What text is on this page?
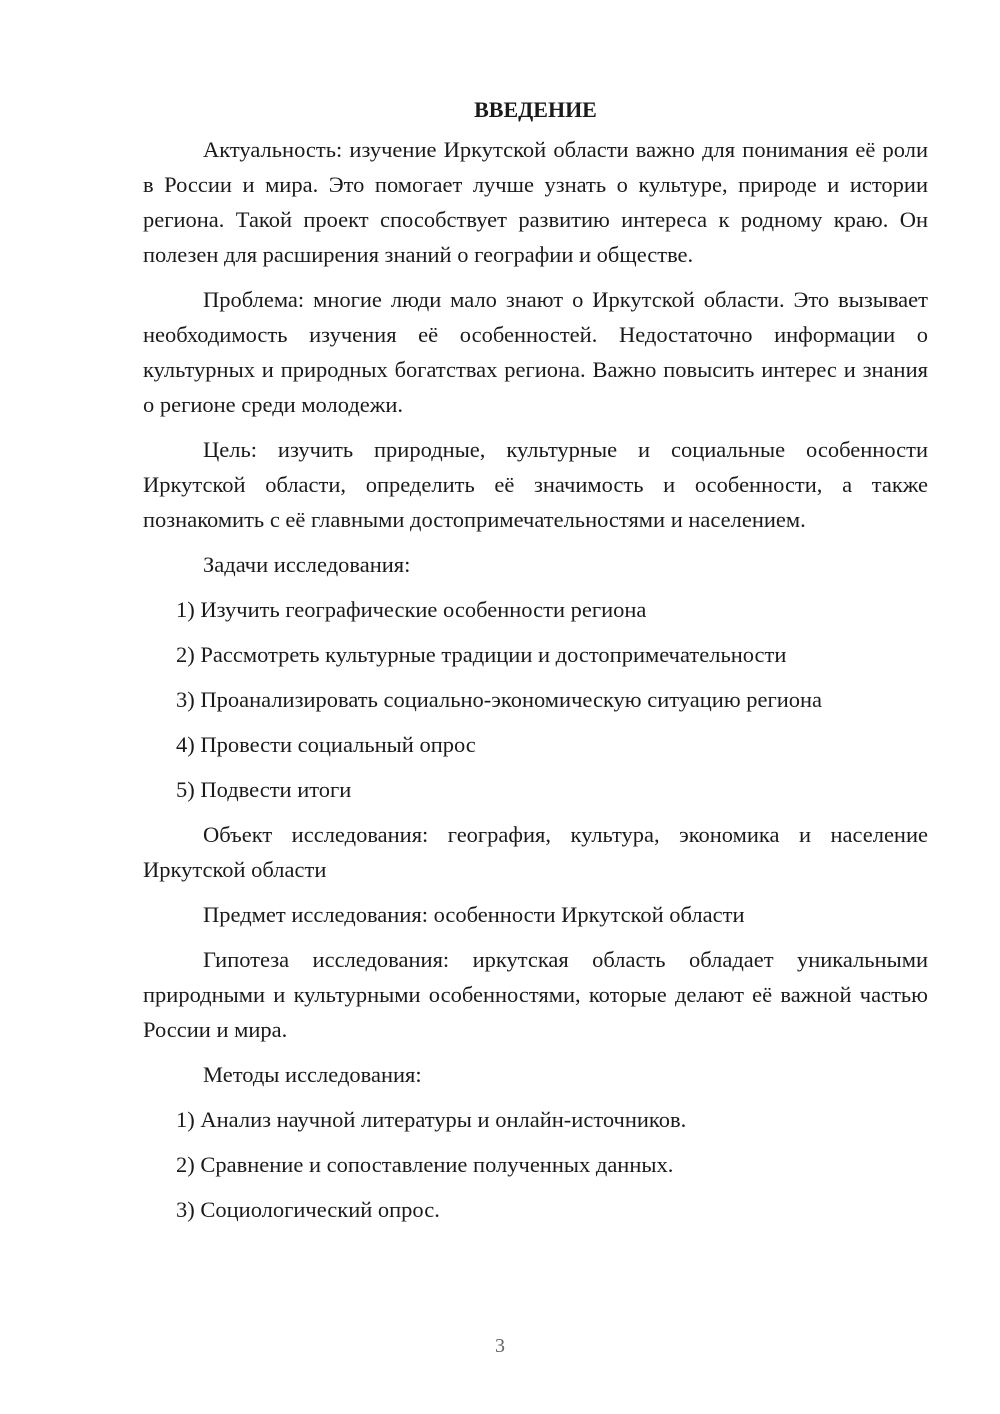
ВВЕДЕНИЕ

Актуальность: изучение Иркутской области важно для понимания её роли в России и мира. Это помогает лучше узнать о культуре, природе и истории региона. Такой проект способствует развитию интереса к родному краю. Он полезен для расширения знаний о географии и обществе.

Проблема: многие люди мало знают о Иркутской области. Это вызывает необходимость изучения её особенностей. Недостаточно информации о культурных и природных богатствах региона. Важно повысить интерес и знания о регионе среди молодежи.

Цель: изучить природные, культурные и социальные особенности Иркутской области, определить её значимость и особенности, а также познакомить с её главными достопримечательностями и населением.

Задачи исследования:

1) Изучить географические особенности региона
2) Рассмотреть культурные традиции и достопримечательности
3) Проанализировать социально-экономическую ситуацию региона
4) Провести социальный опрос
5) Подвести итоги

Объект исследования: география, культура, экономика и население Иркутской области

Предмет исследования: особенности Иркутской области

Гипотеза исследования: иркутская область обладает уникальными природными и культурными особенностями, которые делают её важной частью России и мира.

Методы исследования:

1) Анализ научной литературы и онлайн-источников.
2) Сравнение и сопоставление полученных данных.
3) Социологический опрос.
3
